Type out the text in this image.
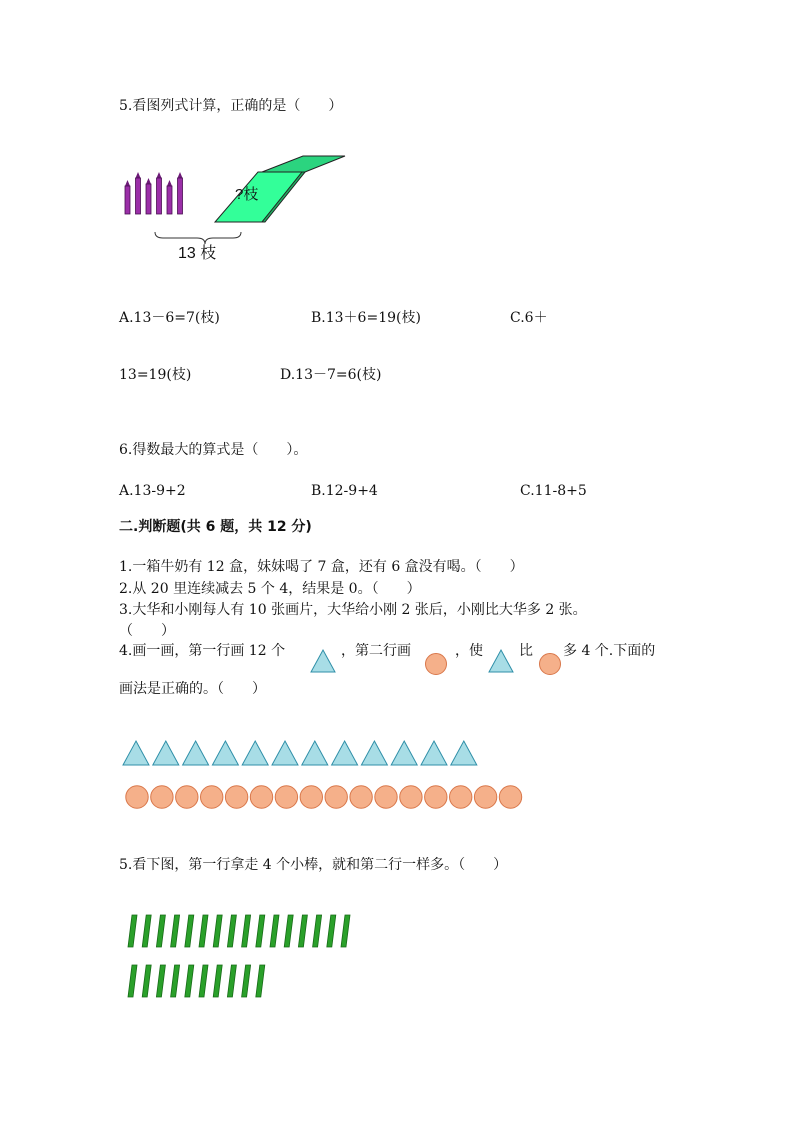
5.看图列式计算，正确的是（　　）
?枝
13 枝
A.13－6=7(枝)	B.13＋6=19(枝)	C.6＋
13=19(枝)	D.13－7=6(枝)
6.得数最大的算式是（　　）。
A.13-9+2	B.12-9+4	C.11-8+5
二.判断题(共 6 题，共 12 分)
1.一箱牛奶有 12 盒，妹妹喝了 7 盒，还有 6 盒没有喝。（　　）
2.从 20 里连续减去 5 个 4，结果是 0。（　　）
3.大华和小刚每人有 10 张画片，大华给小刚 2 张后，小刚比大华多 2 张。
（　　）
4.画一画，第一行画 12 个	，第二行画	，使	比 多 4 个.下面的
画法是正确的。（　　）
5.看下图，第一行拿走 4 个小棒，就和第二行一样多。（　　）
